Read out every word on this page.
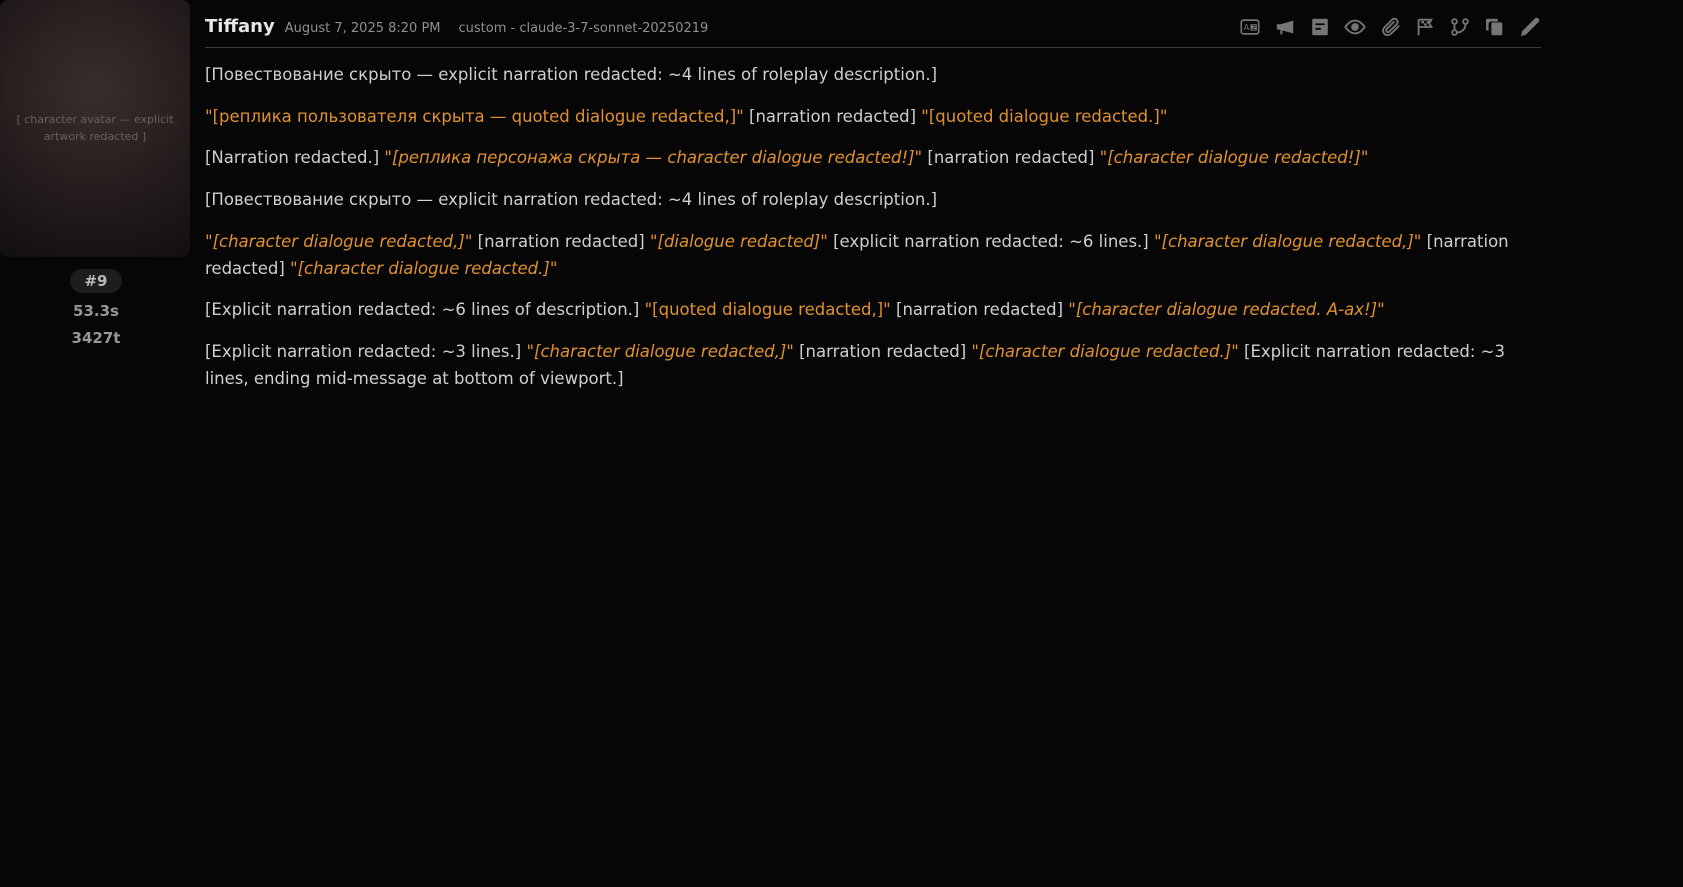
[ character avatar — explicit artwork redacted ]
#9
53.3s
3427t
Tiffany August 7, 2025 8:20 PM custom - claude-3-7-sonnet-20250219	A Z

[Повествование скрыто — explicit narration redacted: ~4 lines of roleplay description.]

"[реплика пользователя скрыта — quoted dialogue redacted,]" [narration redacted] "[quoted dialogue redacted.]"

[Narration redacted.] "[реплика персонажа скрыта — character dialogue redacted!]" [narration redacted] "[character dialogue redacted!]"

[Повествование скрыто — explicit narration redacted: ~4 lines of roleplay description.]

"[character dialogue redacted,]" [narration redacted] "[dialogue redacted]" [explicit narration redacted: ~6 lines.] "[character dialogue redacted,]" [narration redacted] "[character dialogue redacted.]"

[Explicit narration redacted: ~6 lines of description.] "[quoted dialogue redacted,]" [narration redacted] "[character dialogue redacted. А-ах!]"

[Explicit narration redacted: ~3 lines.] "[character dialogue redacted,]" [narration redacted] "[character dialogue redacted.]" [Explicit narration redacted: ~3 lines, ending mid-message at bottom of viewport.]
